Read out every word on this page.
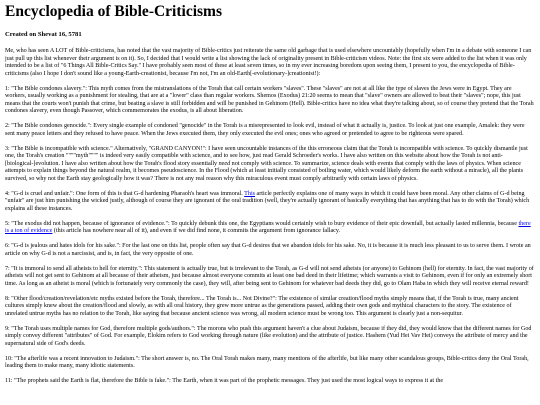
Encyclopedia of Bible-Criticisms
Created on Shevat 16, 5781

Me, who has seen A LOT of Bible-criticisms, has noted that the vast majority of Bible-critics just reiterate the same old garbage that is used elsewhere uncountably (hopefully when I'm in a debate with someone I can just pull up this list whenever their argument is on it). So, I decided that I would write a list showing the lack of originality present in Bible-criticism videos. Note: the first six were added to the list when it was only intended to be a list of "6 Things All Bible-Critics Say." I have probably seen most of these at least seven times, so in my ever increasing boredom upon seeing them, I present to you, the encyclopedia of Bible-criticisms (also I hope I don't sound like a young-Earth-creationist, because I'm not, I'm an old-Earth[-evolutionary-]creationist!):

1: "The Bible condones slavery.": This myth comes from the mistranslations of the Torah that call certain workers "slaves". These "slaves" are not at all like the type of slaves the Jews were in Egypt. They are workers, usually working as a punishment for stealing, that are at a "lower" class than regular workers. Shemos (Exodus) 21:20 seems to mean that "slave" owners are allowed to beat their "slaves"; nope, this just means that the courts won't punish that crime, but beating a slave is still forbidden and will be punished in Gehinom (Hell). Bible-critics have no idea what they're talking about, so of course they pretend that the Torah condones slavery, even though Passover, which commemorates the exodus, is all about liberation.

2: "The Bible condones genocide.": Every single example of condoned "genocide" in the Torah is a misrepresented to look evil, instead of what it actually is, justice. To look at just one example, Amalek: they were sent many peace letters and they refused to have peace. When the Jews executed them, they only executed the evil ones; ones who agreed or pretended to agree to be righteous were spared.

3: "The Bible is incompatible with science." Alternatively, "GRAND CANYON!": I have seen uncountable instances of the this erroneous claim that the Torah is incompatible with science. To quickly dismantle just one, the Torah's creation """"myth"""" is indeed very easily compatible with science, and to see how, just read Gerald Schroeder's works. I have also written on this website about how the Torah is not anti-[biological-]evolution. I have also written about how the Torah's flood story essentially need not comply with science. To summarize, science deals with events that comply with the laws of physics. When science attempts to explain things beyond the natural realm, it becomes pseudoscience. In the Flood (which at least initially consisted of boiling water, which would likely deform the earth without a miracle), all the plants survived, so why not the Earth stay geologically how it was? There is not any real reason why this miraculous event must comply arbitrarily with certain laws of physics.

4: "G-d is cruel and unfair.": One form of this is that G-d hardening Pharaoh's heart was immoral. This article perfectly explains one of many ways in which it could have been moral. Any other claims of G-d being "unfair" are just him punishing the wicked justly, although of course they are ignorant of the oral tradition (well, they're actually ignorant of basically everything that has anything that has to do with the Torah) which explains all these instances.

5: "The exodus did not happen, because of ignorance of evidence.": To quickly debunk this one, the Egyptians would certainly wish to bury evidence of their epic downfall, but actually lasted millennia, because there is a ton of evidence (this article has nowhere near all of it), and even if we did find none, it commits the argument from ignorance fallacy.

6: "G-d is jealous and hates idols for his sake.": For the last one on this list, people often say that G-d desires that we abandon idols for his sake. No, it is because it is much less pleasant to us to serve them. I wrote an article on why G-d is not a narcissist, and is, in fact, the very opposite of one.

7: "It is immoral to send all atheists to hell for eternity.": This statement is actually true, but is irrelevant to the Torah, as G-d will not send atheists (or anyone) to Gehinom (hell) for eternity. In fact, the vast majority of atheists will not get sent to Gehinom at all because of their atheism, just because almost everyone commits at least one bad deed in their lifetime; which warrants a visit to Gehinom, even if for only an extremely short time. As long as an atheist is moral (which is fortunately very commonly the case), they will, after being sent to Gehinom for whatever bad deeds they did, go to Olam Haba in which they will receive eternal reward!

8: "Other flood/creation/revelation/etc myths existed before the Torah, therefore... The Torah is... Not Divine?": The existence of similar creation/flood myths simply means that, if the Torah is true, many ancient cultures simply knew about the creation/flood and slowly, as with all oral history, they grew more untrue as the generations passed, adding their own gods and mythical characters to the story. The existence of unrelated untrue myths has no relation to the Torah, like saying that because ancient science was wrong, all modern science must be wrong too. This argument is clearly just a non-sequitur.

9: "The Torah uses multiple names for God, therefore multiple gods/authors.": The morons who push this argument haven't a clue about Judaism, because if they did, they would know that the different names for God simply convey different "attributes" of God. For example, Elokim refers to God working through nature (like evolution) and the attribute of justice. Hashem (Yud Hei Vav Hei) conveys the attribute of mercy and the supernatural side of God's deeds.

10: "The afterlife was a recent innovation to Judaism.": The short answer is, no. The Oral Torah makes many, many mentions of the afterlife, but like many other scandalous groups, Bible-critics deny the Oral Torah, leading them to make many, many idiotic statements.

11: "The prophets said the Earth is flat, therefore the Bible is fake.": The Earth, when it was part of the prophetic messages. They just used the most logical ways to express it at the
